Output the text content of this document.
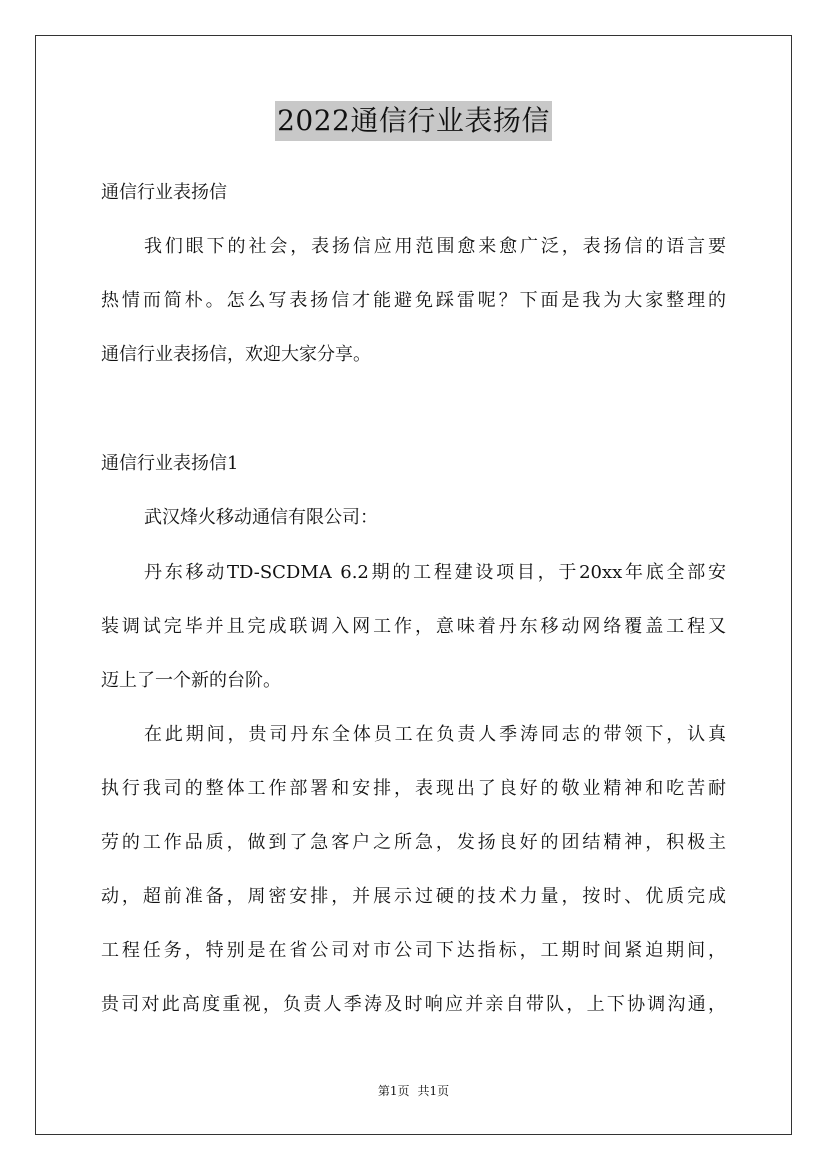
2022通信行业表扬信
通信行业表扬信
我们眼下的社会，表扬信应用范围愈来愈广泛，表扬信的语言要
热情而简朴。怎么写表扬信才能避免踩雷呢？下面是我为大家整理的
通信行业表扬信，欢迎大家分享。
通信行业表扬信1
武汉烽火移动通信有限公司：
丹东移动TD-SCDMA 6.2期的工程建设项目，于20xx年底全部安
装调试完毕并且完成联调入网工作，意味着丹东移动网络覆盖工程又
迈上了一个新的台阶。
在此期间，贵司丹东全体员工在负责人季涛同志的带领下，认真
执行我司的整体工作部署和安排，表现出了良好的敬业精神和吃苦耐
劳的工作品质，做到了急客户之所急，发扬良好的团结精神，积极主
动，超前准备，周密安排，并展示过硬的技术力量，按时、优质完成
工程任务，特别是在省公司对市公司下达指标，工期时间紧迫期间，
贵司对此高度重视，负责人季涛及时响应并亲自带队，上下协调沟通，
第1页 共1页
